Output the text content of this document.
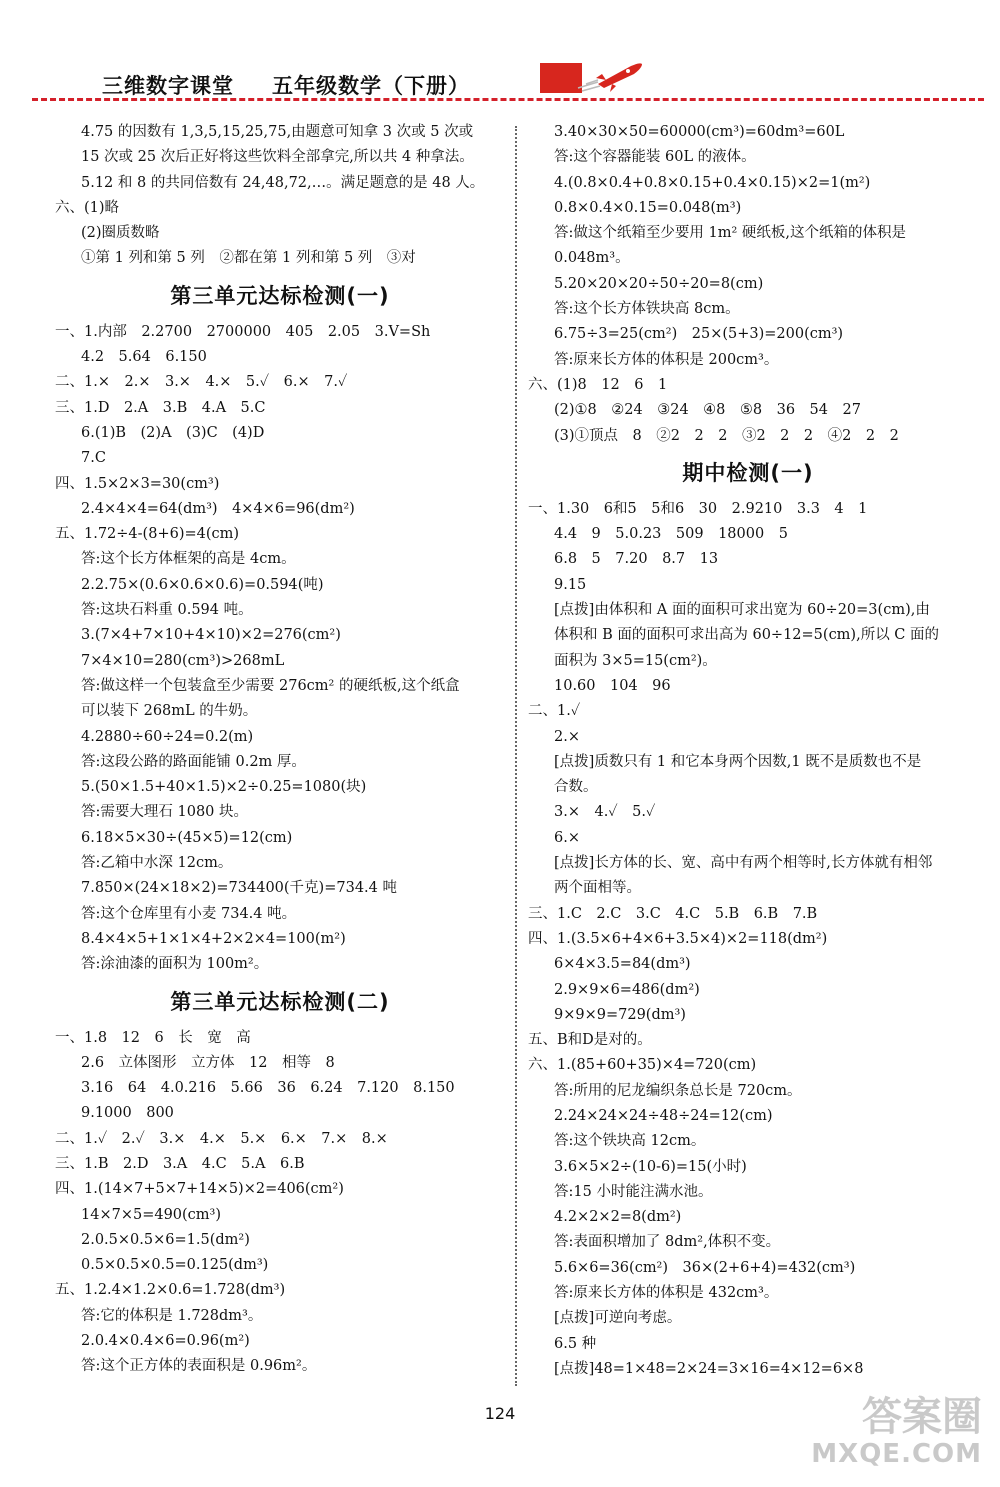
三维数字课堂 五年级数学（下册）
4.75 的因数有 1,3,5,15,25,75,由题意可知拿 3 次或 5 次或
15 次或 25 次后正好将这些饮料全部拿完,所以共 4 种拿法。
5.12 和 8 的共同倍数有 24,48,72,…。满足题意的是 48 人。
六、(1)略
(2)圈质数略
①第 1 列和第 5 列　②都在第 1 列和第 5 列　③对
第三单元达标检测(一)
一、1.内部　2.2700　2700000　405　2.05　3.V=Sh
4.2　5.64　6.150
二、1.×　2.×　3.×　4.×　5.✓　6.×　7.✓
三、1.D　2.A　3.B　4.A　5.C
6.(1)B　(2)A　(3)C　(4)D
7.C
四、1.5×2×3=30(cm³)
2.4×4×4=64(dm³)　4×4×6=96(dm²)
五、1.72÷4-(8+6)=4(cm)
答:这个长方体框架的高是 4cm。
2.2.75×(0.6×0.6×0.6)=0.594(吨)
答:这块石料重 0.594 吨。
3.(7×4+7×10+4×10)×2=276(cm²)
7×4×10=280(cm³)>268mL
答:做这样一个包装盒至少需要 276cm² 的硬纸板,这个纸盒
可以装下 268mL 的牛奶。
4.2880÷60÷24=0.2(m)
答:这段公路的路面能铺 0.2m 厚。
5.(50×1.5+40×1.5)×2÷0.25=1080(块)
答:需要大理石 1080 块。
6.18×5×30÷(45×5)=12(cm)
答:乙箱中水深 12cm。
7.850×(24×18×2)=734400(千克)=734.4 吨
答:这个仓库里有小麦 734.4 吨。
8.4×4×5+1×1×4+2×2×4=100(m²)
答:涂油漆的面积为 100m²。
第三单元达标检测(二)
一、1.8　12　6　长　宽　高
2.6　立体图形　立方体　12　相等　8
3.16　64　4.0.216　5.66　36　6.24　7.120　8.150
9.1000　800
二、1.✓　2.✓　3.×　4.×　5.×　6.×　7.×　8.×
三、1.B　2.D　3.A　4.C　5.A　6.B
四、1.(14×7+5×7+14×5)×2=406(cm²)
14×7×5=490(cm³)
2.0.5×0.5×6=1.5(dm²)
0.5×0.5×0.5=0.125(dm³)
五、1.2.4×1.2×0.6=1.728(dm³)
答:它的体积是 1.728dm³。
2.0.4×0.4×6=0.96(m²)
答:这个正方体的表面积是 0.96m²。
3.40×30×50=60000(cm³)=60dm³=60L
答:这个容器能装 60L 的液体。
4.(0.8×0.4+0.8×0.15+0.4×0.15)×2=1(m²)
0.8×0.4×0.15=0.048(m³)
答:做这个纸箱至少要用 1m² 硬纸板,这个纸箱的体积是
0.048m³。
5.20×20×20÷50÷20=8(cm)
答:这个长方体铁块高 8cm。
6.75÷3=25(cm²)　25×(5+3)=200(cm³)
答:原来长方体的体积是 200cm³。
六、(1)8　12　6　1
(2)①8　②24　③24　④8　⑤8　36　54　27
(3)①顶点　8　②2　2　2　③2　2　2　④2　2　2
期中检测(一)
一、1.30　6和5　5和6　30　2.9210　3.3　4　1
4.4　9　5.0.23　509　18000　5
6.8　5　7.20　8.7　13
9.15
[点拨]由体积和 A 面的面积可求出宽为 60÷20=3(cm),由
体积和 B 面的面积可求出高为 60÷12=5(cm),所以 C 面的
面积为 3×5=15(cm²)。
10.60　104　96
二、1.✓
2.×
[点拨]质数只有 1 和它本身两个因数,1 既不是质数也不是
合数。
3.×　4.✓　5.✓
6.×
[点拨]长方体的长、宽、高中有两个相等时,长方体就有相邻
两个面相等。
三、1.C　2.C　3.C　4.C　5.B　6.B　7.B
四、1.(3.5×6+4×6+3.5×4)×2=118(dm²)
6×4×3.5=84(dm³)
2.9×9×6=486(dm²)
9×9×9=729(dm³)
五、B和D是对的。
六、1.(85+60+35)×4=720(cm)
答:所用的尼龙编织条总长是 720cm。
2.24×24×24÷48÷24=12(cm)
答:这个铁块高 12cm。
3.6×5×2÷(10-6)=15(小时)
答:15 小时能注满水池。
4.2×2×2=8(dm²)
答:表面积增加了 8dm²,体积不变。
5.6×6=36(cm²)　36×(2+6+4)=432(cm³)
答:原来长方体的体积是 432cm³。
[点拨]可逆向考虑。
6.5 种
[点拨]48=1×48=2×24=3×16=4×12=6×8
124	答案圈
MXQE.COM
